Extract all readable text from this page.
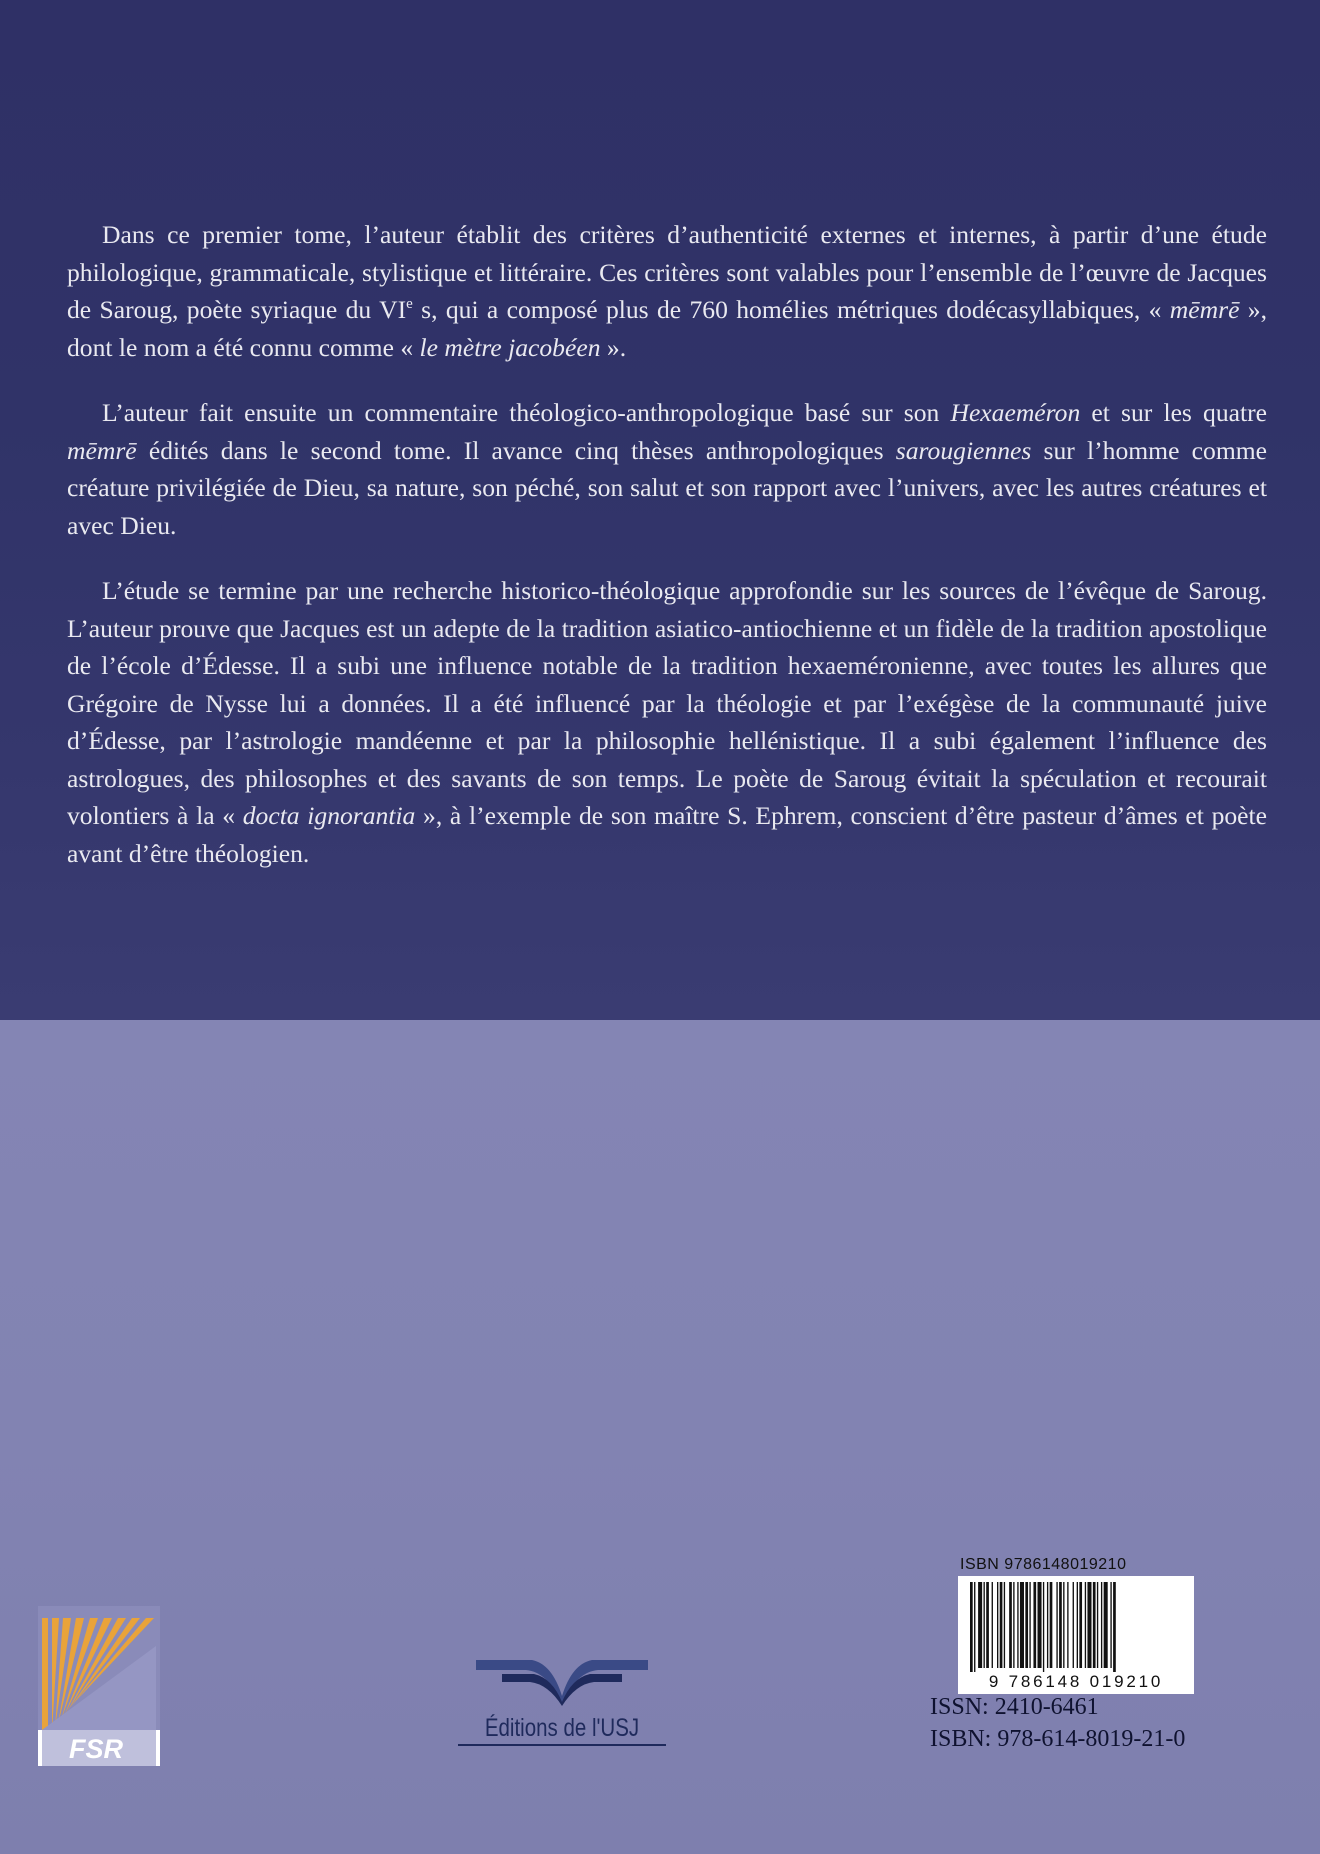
Dans ce premier tome, l’auteur établit des critères d’authenticité externes et internes, à partir d’une étude philologique, grammaticale, stylistique et littéraire. Ces critères sont valables pour l’ensemble de l’œuvre de Jacques de Saroug, poète syriaque du VIe s, qui a composé plus de 760 homélies métriques dodécasyllabiques, « mēmrē », dont le nom a été connu comme « le mètre jacobéen ».

L’auteur fait ensuite un commentaire théologico-anthropologique basé sur son Hexaeméron et sur les quatre mēmrē édités dans le second tome. Il avance cinq thèses anthropologiques sarougiennes sur l’homme comme créature privilégiée de Dieu, sa nature, son péché, son salut et son rapport avec l’univers, avec les autres créatures et avec Dieu.

L’étude se termine par une recherche historico-théologique approfondie sur les sources de l’évêque de Saroug. L’auteur prouve que Jacques est un adepte de la tradition asiatico-antiochienne et un fidèle de la tradition apostolique de l’école d’Édesse. Il a subi une influence notable de la tradition hexaeméronienne, avec toutes les allures que Grégoire de Nysse lui a données. Il a été influencé par la théologie et par l’exégèse de la communauté juive d’Édesse, par l’astrologie mandéenne et par la philosophie hellénistique. Il a subi également l’influence des astrologues, des philosophes et des savants de son temps. Le poète de Saroug évitait la spéculation et recourait volontiers à la « docta ignorantia », à l’exemple de son maître S. Ephrem, conscient d’être pasteur d’âmes et poète avant d’être théologien.

FSR
Éditions de l'USJ
ISBN 9786148019210
9 786148 019210
ISSN: 2410-6461
ISBN: 978-614-8019-21-0
